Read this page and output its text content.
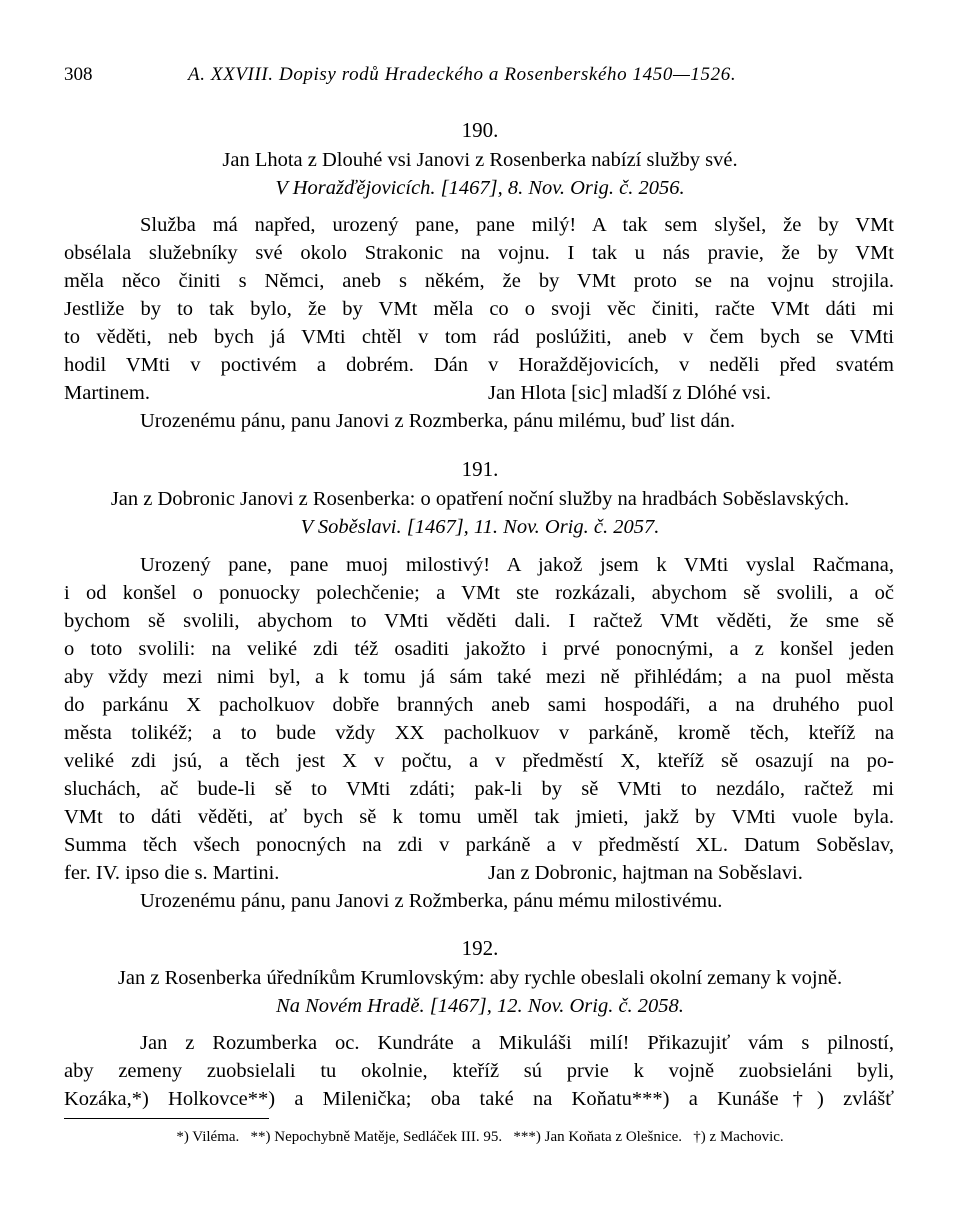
308	A. XXVIII. Dopisy rodů Hradeckého a Rosenberského 1450—1526.
190.
Jan Lhota z Dlouhé vsi Janovi z Rosenberka nabízí služby své.
V Horažďějovicích. [1467], 8. Nov. Orig. č. 2056.
Služba má napřed, urozený pane, pane milý! A tak sem slyšel, že by VMt
obsélala služebníky své okolo Strakonic na vojnu. I tak u nás pravie, že by VMt
měla něco činiti s Němci, aneb s někém, že by VMt proto se na vojnu strojila.
Jestliže by to tak bylo, že by VMt měla co o svoji věc činiti, račte VMt dáti mi
to věděti, neb bych já VMti chtěl v tom rád poslúžiti, aneb v čem bych se VMti
hodil VMti v poctivém a dobrém. Dán v Horaždějovicích, v neděli před svatém
Martinem.	Jan Hlota [sic] mladší z Dlóhé vsi.
Urozenému pánu, panu Janovi z Rozmberka, pánu milému, buď list dán.
191.
Jan z Dobronic Janovi z Rosenberka: o opatření noční služby na hradbách Soběslavských.
V Soběslavi. [1467], 11. Nov. Orig. č. 2057.
Urozený pane, pane muoj milostivý! A jakož jsem k VMti vyslal Račmana,
i od konšel o ponuocky polechčenie; a VMt ste rozkázali, abychom sě svolili, a oč
bychom sě svolili, abychom to VMti věděti dali. I račtež VMt věděti, že sme sě
o toto svolili: na veliké zdi též osaditi jakožto i prvé ponocnými, a z konšel jeden
aby vždy mezi nimi byl, a k tomu já sám také mezi ně přihlédám; a na puol města
do parkánu X pacholkuov dobře branných aneb sami hospodáři, a na druhého puol
města tolikéž; a to bude vždy XX pacholkuov v parkáně, kromě těch, kteříž na
veliké zdi jsú, a těch jest X v počtu, a v předměstí X, kteříž sě osazují na po-
sluchách, ač bude-li sě to VMti zdáti; pak-li by sě VMti to nezdálo, račtež mi
VMt to dáti věděti, ať bych sě k tomu uměl tak jmieti, jakž by VMti vuole byla.
Summa těch všech ponocných na zdi v parkáně a v předměstí XL. Datum Soběslav,
fer. IV. ipso die s. Martini.	Jan z Dobronic, hajtman na Soběslavi.
Urozenému pánu, panu Janovi z Rožmberka, pánu mému milostivému.
192.
Jan z Rosenberka úředníkům Krumlovským: aby rychle obeslali okolní zemany k vojně.
Na Novém Hradě. [1467], 12. Nov. Orig. č. 2058.
Jan z Rozumberka oc. Kundráte a Mikuláši milí! Přikazujiť vám s pilností,
aby zemeny zuobsielali tu okolnie, kteříž sú prvie k vojně zuobsieláni byli,
Kozáka,*) Holkovce**) a Milenička; oba také na Koňatu***) a Kunáše†) zvlášť
*) Viléma.   **) Nepochybně Matěje, Sedláček III. 95.   ***) Jan Koňata z Olešnice.   †) z Machovic.
